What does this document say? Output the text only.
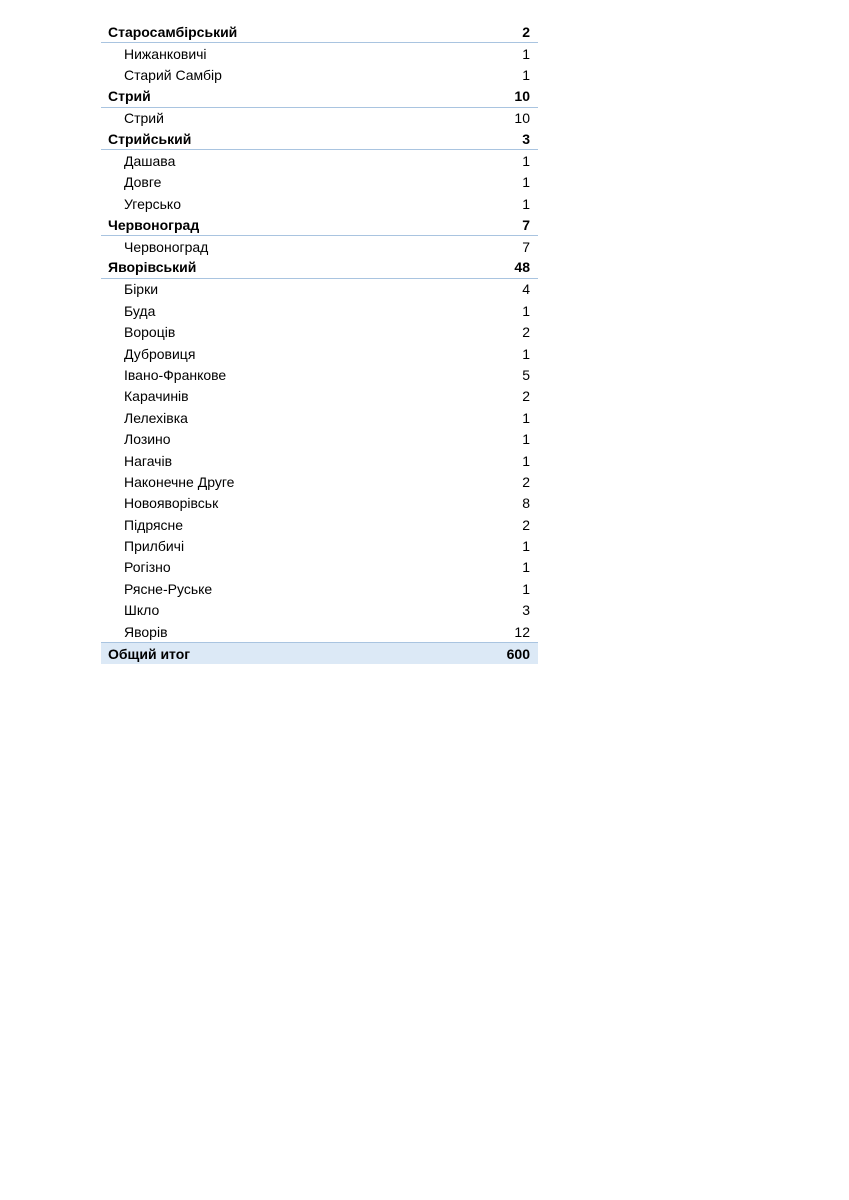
Старосамбірський	2
Нижанковичі	1
Старий Самбір	1
Стрий	10
Стрий	10
Стрийський	3
Дашава	1
Довге	1
Угерсько	1
Червоноград	7
Червоноград	7
Яворівський	48
Бірки	4
Буда	1
Вороців	2
Дубровиця	1
Івано-Франкове	5
Карачинів	2
Лелехівка	1
Лозино	1
Нагачів	1
Наконечне Друге	2
Новояворівськ	8
Підрясне	2
Прилбичі	1
Рогізно	1
Рясне-Руське	1
Шкло	3
Яворів	12
Общий итог	600
